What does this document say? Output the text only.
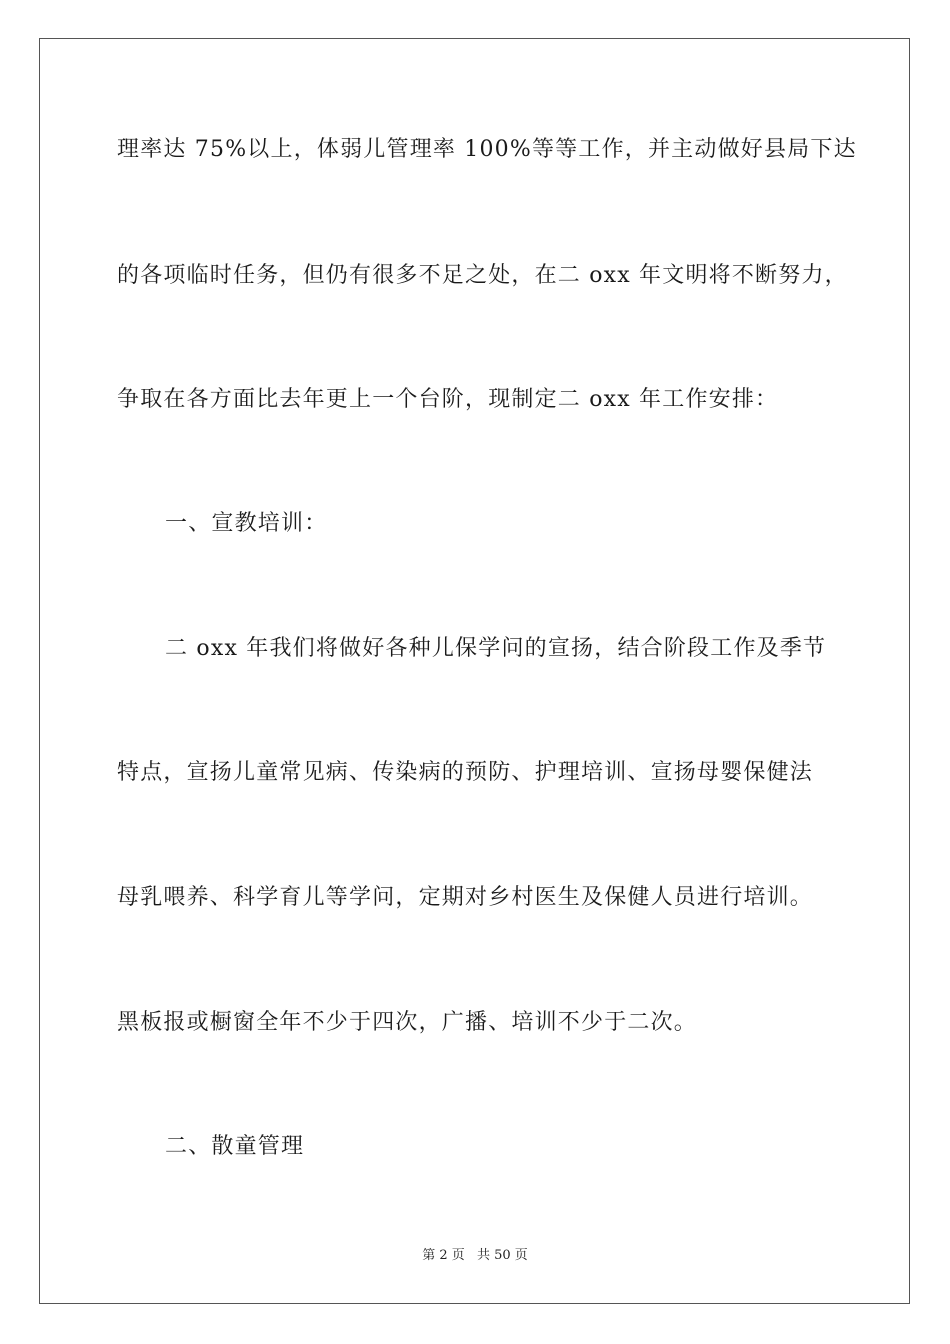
理率达 75%以上，体弱儿管理率 100%等等工作，并主动做好县局下达
的各项临时任务，但仍有很多不足之处，在二 oxx 年文明将不断努力，
争取在各方面比去年更上一个台阶，现制定二 oxx 年工作安排：
一、宣教培训：
二 oxx 年我们将做好各种儿保学问的宣扬，结合阶段工作及季节
特点，宣扬儿童常见病、传染病的预防、护理培训、宣扬母婴保健法
母乳喂养、科学育儿等学问，定期对乡村医生及保健人员进行培训。
黑板报或橱窗全年不少于四次，广播、培训不少于二次。
二、散童管理
第 2 页 共 50 页
